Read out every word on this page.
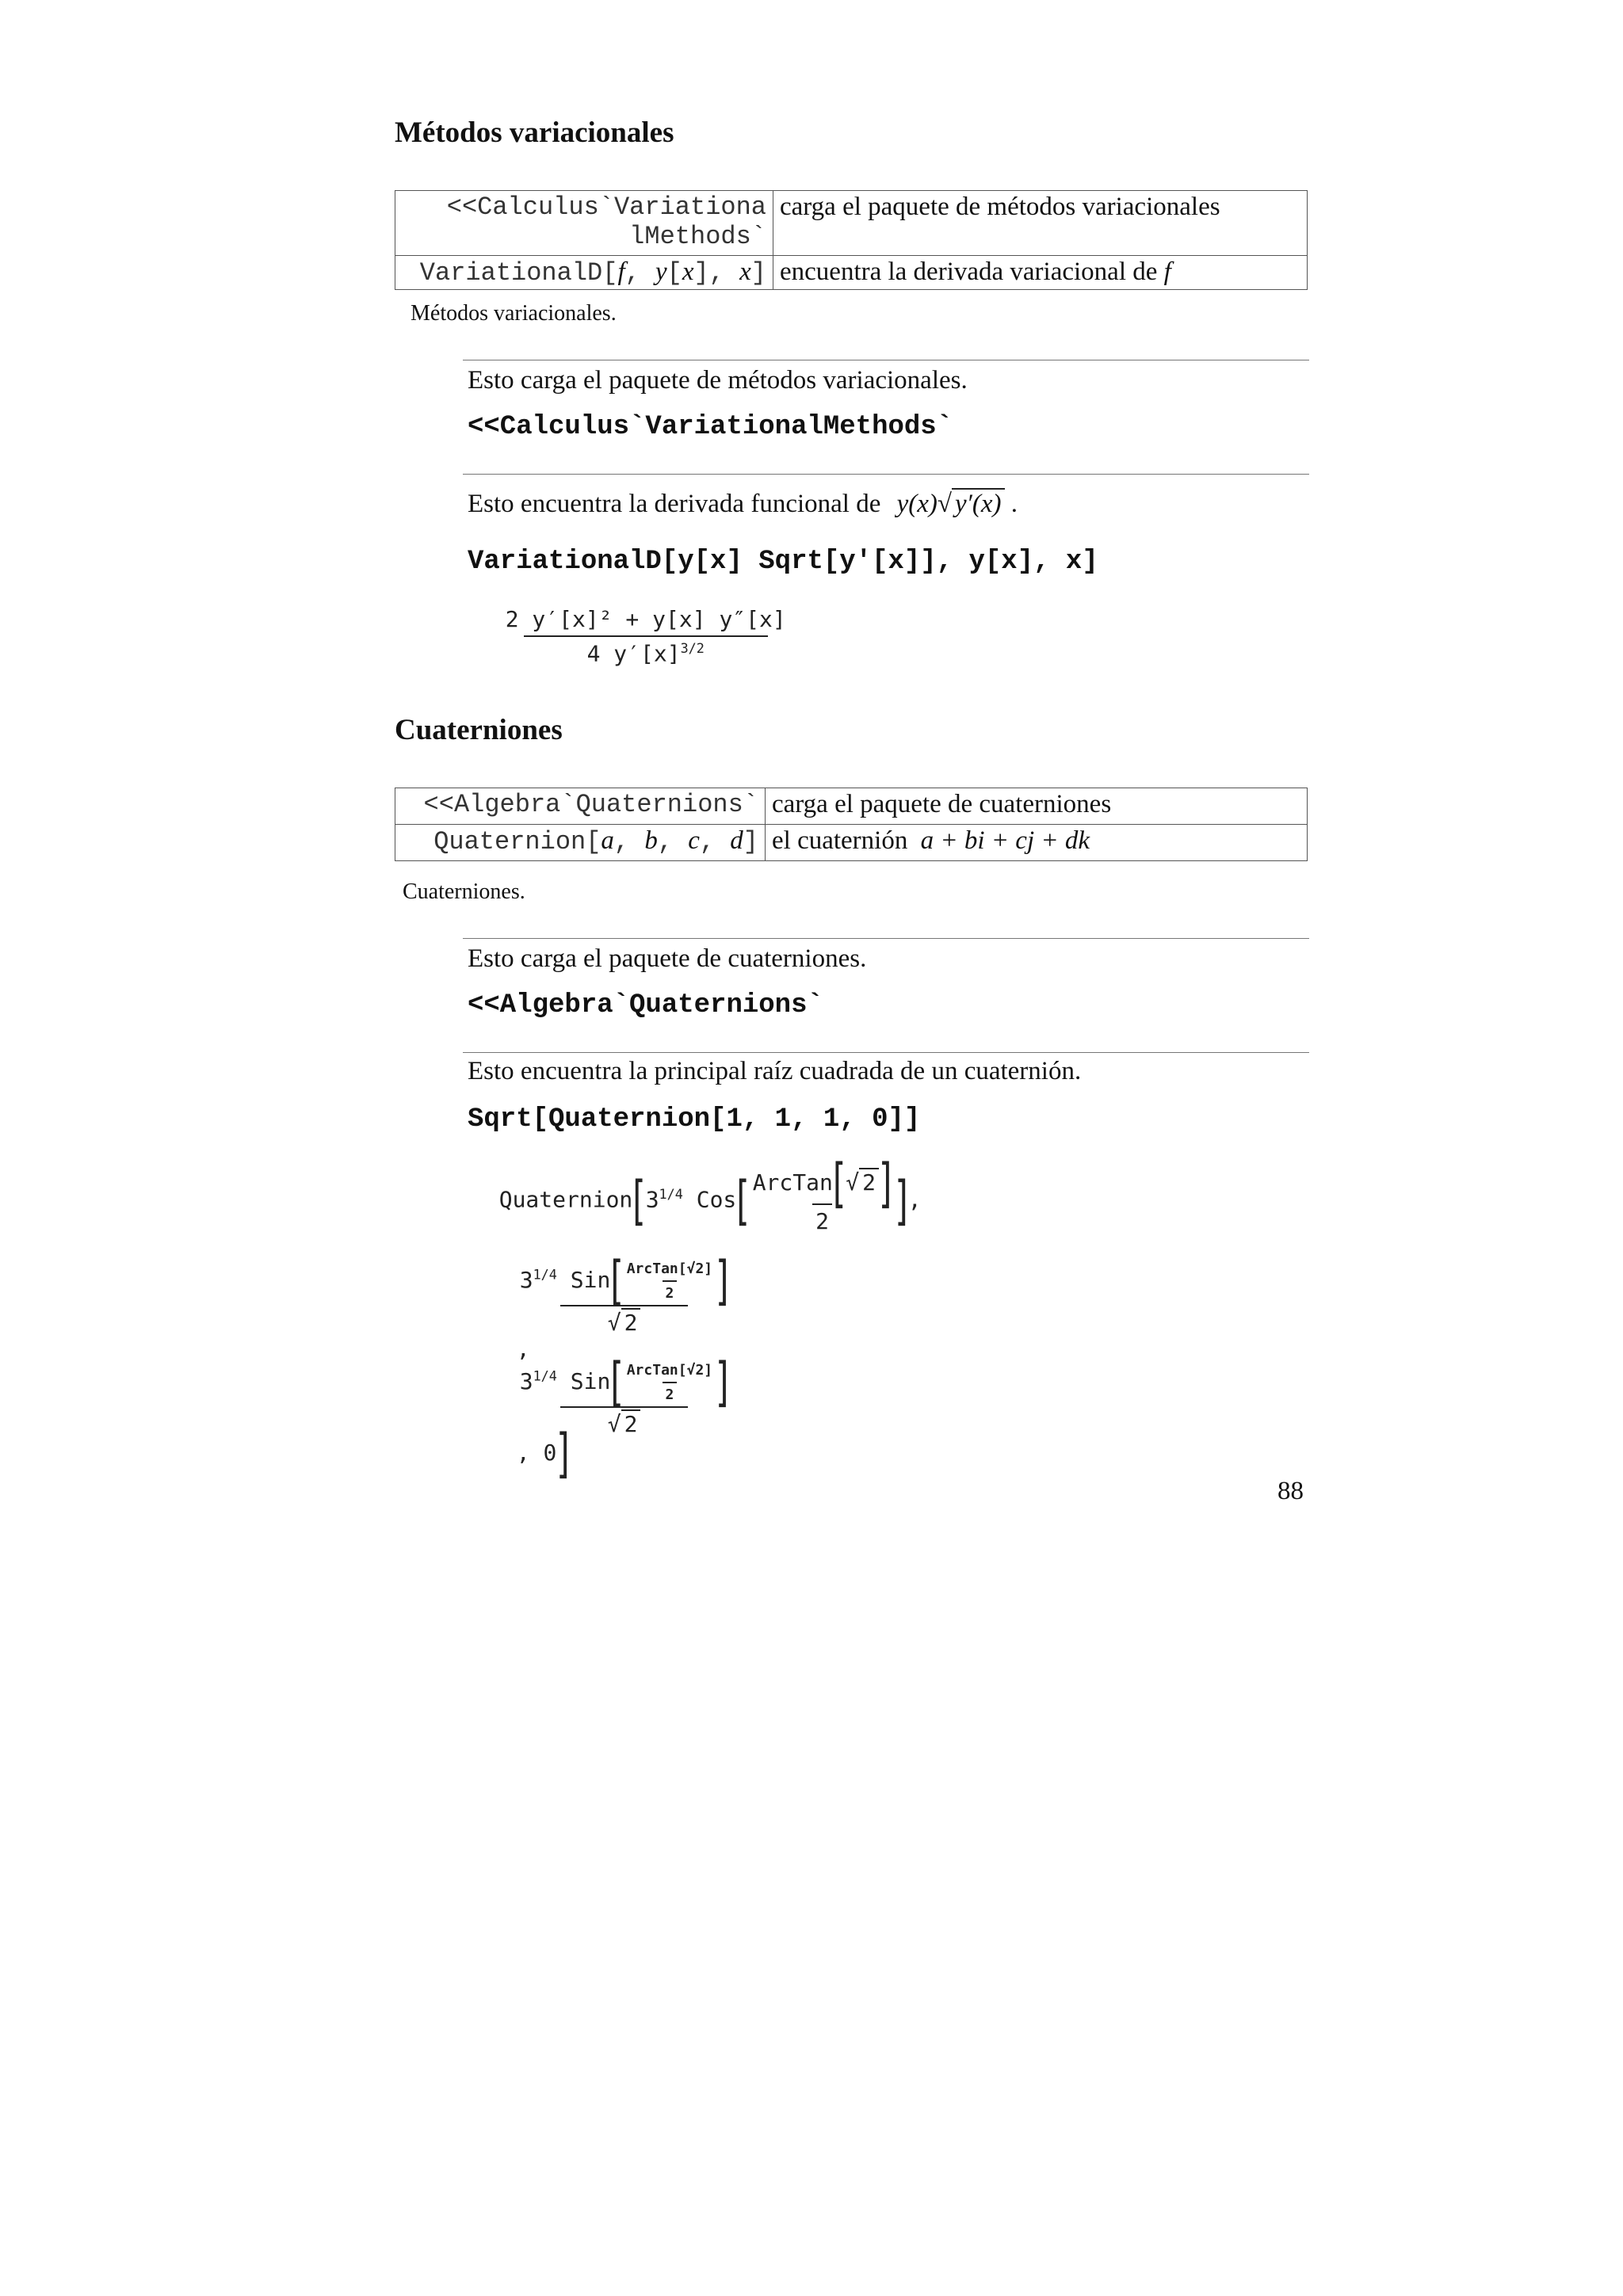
Métodos variacionales
<<Calculus`Variationa
lMethods`	carga el paquete de métodos variacionales
VariationalD[f, y[x], x]	encuentra la derivada variacional de f
Métodos variacionales.
Esto carga el paquete de métodos variacionales.
<<Calculus`VariationalMethods`
Esto encuentra la derivada funcional de y(x)√ y′(x) .
VariationalD[y[x] Sqrt[y'[x]], y[x], x]

$\frac{\text{2 y′[x]² + y[x] y″[x]}}{4 y'[x]^{3/2}}$

Cuaterniones
<<Algebra`Quaternions`	carga el paquete de cuaterniones
Quaternion[a, b, c, d]	el cuaternión a + bi + cj + dk
Cuaterniones.
Esto carga el paquete de cuaterniones.
<<Algebra`Quaternions`
Esto encuentra la principal raíz cuadrada de un cuaternión.
Sqrt[Quaternion[1, 1, 1, 0]]

$Quaternion[3^{1/4}$ $Cos[ \frac{\text{ArcTan[√ 2]}}{2}$ ],

$\frac{3^{1/4} Sin[ \frac{\text{ArcTan[√2]}}{2} ]}{√ 2}$

,

$\frac{3^{1/4} Sin[ \frac{\text{ArcTan[√2]}}{2} ]}{√ 2}$

, 0]

88
